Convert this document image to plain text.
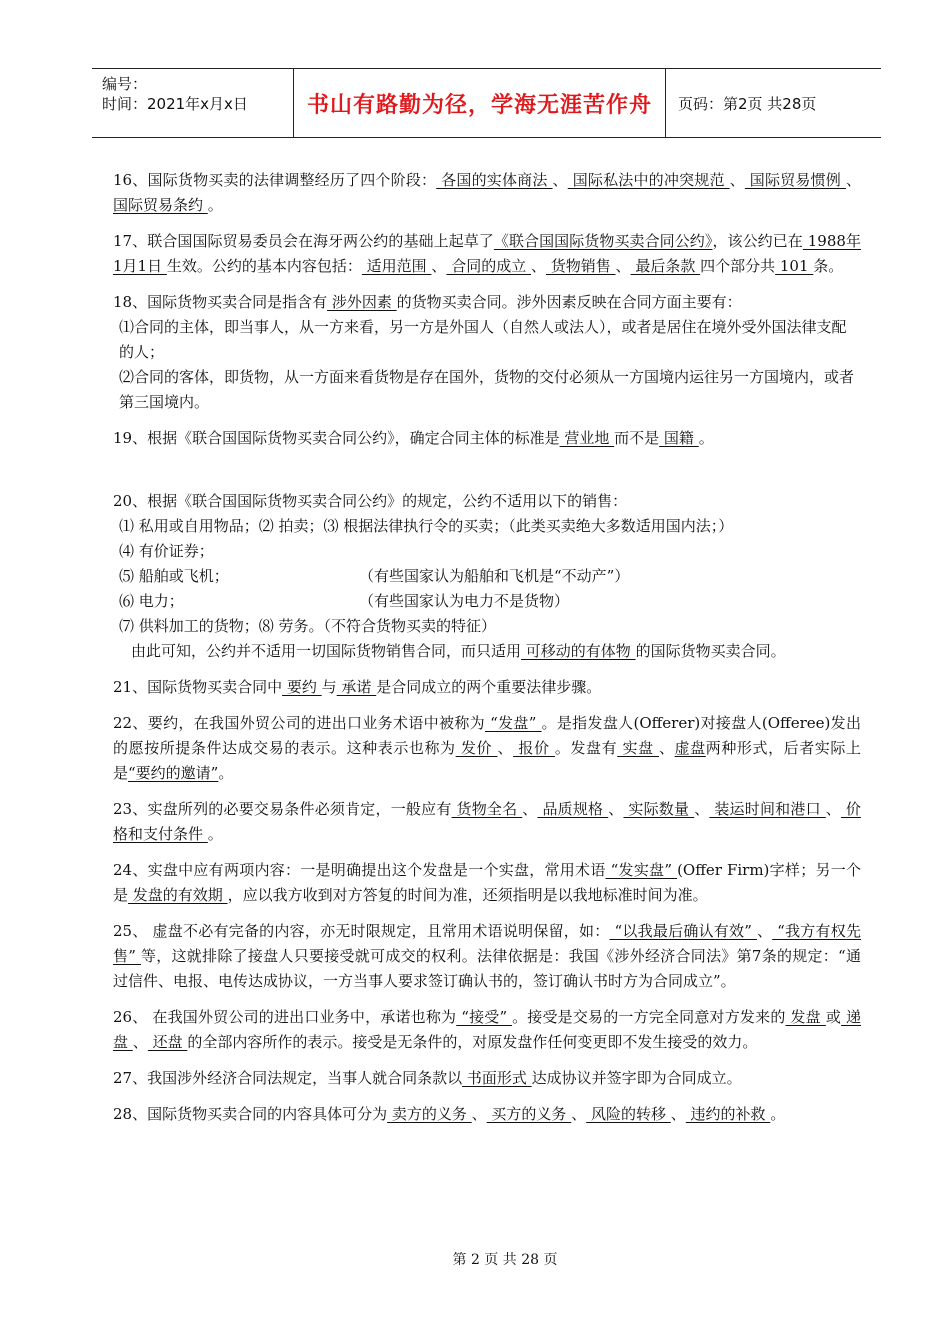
编号：
时间：2021年x月x日	书山有路勤为径，学海无涯苦作舟 页码：第2页 共28页

16、国际货物买卖的法律调整经历了四个阶段： 各国的实体商法 、 国际私法中的冲突规范 、 国际贸易惯例 、 国际贸易条约 。

17、联合国国际贸易委员会在海牙两公约的基础上起草了《联合国国际货物买卖合同公约》，该公约已在 1988年1月1日 生效。公约的基本内容包括： 适用范围 、 合同的成立 、 货物销售 、 最后条款 四个部分共 101 条。

18、国际货物买卖合同是指含有 涉外因素 的货物买卖合同。涉外因素反映在合同方面主要有：

⑴合同的主体，即当事人，从一方来看，另一方是外国人（自然人或法人），或者是居住在境外受外国法律支配的人；

⑵合同的客体，即货物，从一方面来看货物是存在国外，货物的交付必须从一方国境内运往另一方国境内，或者第三国境内。

19、根据《联合国国际货物买卖合同公约》，确定合同主体的标准是 营业地 而不是 国籍 。

20、根据《联合国国际货物买卖合同公约》的规定，公约不适用以下的销售：

⑴ 私用或自用物品；⑵ 拍卖；⑶ 根据法律执行令的买卖；（此类买卖绝大多数适用国内法；）

⑷ 有价证券；

⑸ 船舶或飞机；	（有些国家认为船舶和飞机是“不动产”）
⑹ 电力；	（有些国家认为电力不是货物）

⑺ 供料加工的货物；⑻ 劳务。（不符合货物买卖的特征）

由此可知，公约并不适用一切国际货物销售合同，而只适用 可移动的有体物 的国际货物买卖合同。

21、国际货物买卖合同中 要约 与 承诺 是合同成立的两个重要法律步骤。

22、要约，在我国外贸公司的进出口业务术语中被称为 “发盘” 。是指发盘人(Offerer)对接盘人(Offeree)发出的愿按所提条件达成交易的表示。这种表示也称为 发价 、 报价 。发盘有 实盘 、虚盘两种形式，后者实际上是“要约的邀请”。

23、实盘所列的必要交易条件必须肯定，一般应有 货物全名 、 品质规格 、 实际数量 、 装运时间和港口 、 价格和支付条件 。

24、实盘中应有两项内容：一是明确提出这个发盘是一个实盘，常用术语 “发实盘” (Offer Firm)字样；另一个是 发盘的有效期 ，应以我方收到对方答复的时间为准，还须指明是以我地标准时间为准。

25、 虚盘不必有完备的内容，亦无时限规定，且常用术语说明保留，如： “以我最后确认有效” 、 “我方有权先售” 等，这就排除了接盘人只要接受就可成交的权利。法律依据是：我国《涉外经济合同法》第7条的规定：“通过信件、电报、电传达成协议，一方当事人要求签订确认书的，签订确认书时方为合同成立”。

26、 在我国外贸公司的进出口业务中，承诺也称为 “接受” 。接受是交易的一方完全同意对方发来的 发盘 或 递盘 、 还盘 的全部内容所作的表示。接受是无条件的，对原发盘作任何变更即不发生接受的效力。

27、我国涉外经济合同法规定，当事人就合同条款以 书面形式 达成协议并签字即为合同成立。

28、国际货物买卖合同的内容具体可分为 卖方的义务 、 买方的义务 、 风险的转移 、 违约的补救 。

第 2 页 共 28 页
